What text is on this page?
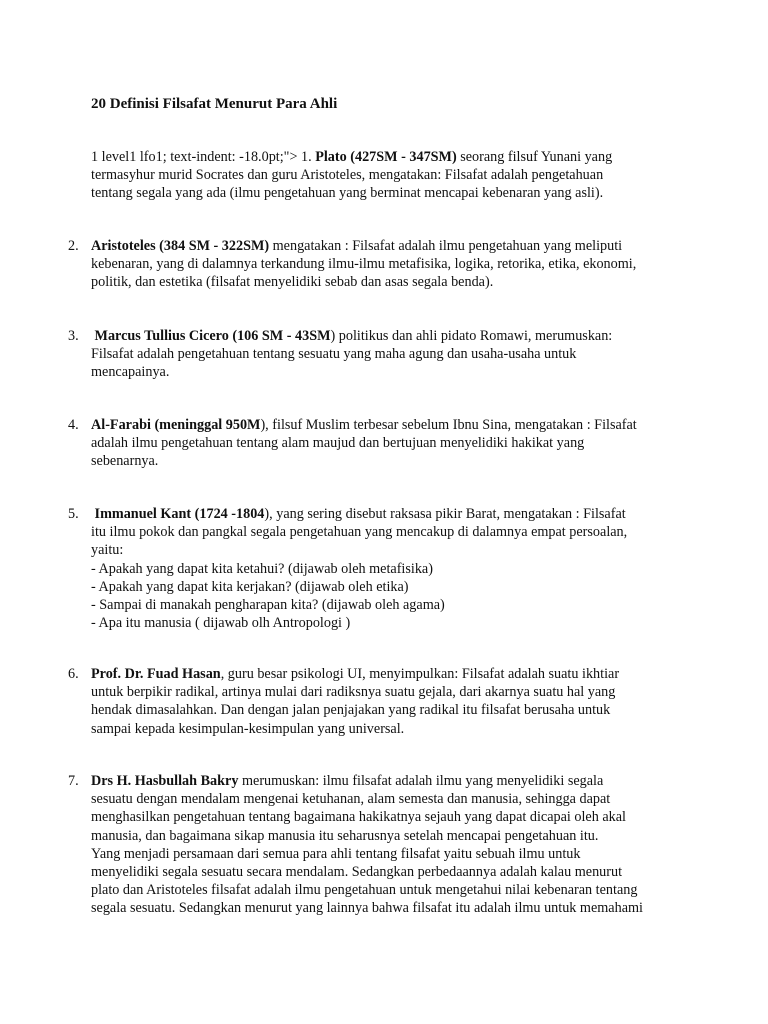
20 Definisi Filsafat Menurut Para Ahli
1 level1 lfo1; text-indent: -18.0pt;"> 1. Plato (427SM - 347SM) seorang filsuf Yunani yang
termasyhur murid Socrates dan guru Aristoteles, mengatakan: Filsafat adalah pengetahuan
tentang segala yang ada (ilmu pengetahuan yang berminat mencapai kebenaran yang asli).
2. Aristoteles (384 SM - 322SM) mengatakan : Filsafat adalah ilmu pengetahuan yang meliputi
kebenaran, yang di dalamnya terkandung ilmu-ilmu metafisika, logika, retorika, etika, ekonomi,
politik, dan estetika (filsafat menyelidiki sebab dan asas segala benda).
3. Marcus Tullius Cicero (106 SM - 43SM) politikus dan ahli pidato Romawi, merumuskan:
Filsafat adalah pengetahuan tentang sesuatu yang maha agung dan usaha-usaha untuk
mencapainya.
4. Al-Farabi (meninggal 950M), filsuf Muslim terbesar sebelum Ibnu Sina, mengatakan : Filsafat
adalah ilmu pengetahuan tentang alam maujud dan bertujuan menyelidiki hakikat yang
sebenarnya.
5. Immanuel Kant (1724 -1804), yang sering disebut raksasa pikir Barat, mengatakan : Filsafat
itu ilmu pokok dan pangkal segala pengetahuan yang mencakup di dalamnya empat persoalan,
yaitu:
- Apakah yang dapat kita ketahui? (dijawab oleh metafisika)
- Apakah yang dapat kita kerjakan? (dijawab oleh etika)
- Sampai di manakah pengharapan kita? (dijawab oleh agama)
- Apa itu manusia ( dijawab olh Antropologi )
6. Prof. Dr. Fuad Hasan, guru besar psikologi UI, menyimpulkan: Filsafat adalah suatu ikhtiar
untuk berpikir radikal, artinya mulai dari radiksnya suatu gejala, dari akarnya suatu hal yang
hendak dimasalahkan. Dan dengan jalan penjajakan yang radikal itu filsafat berusaha untuk
sampai kepada kesimpulan-kesimpulan yang universal.
7. Drs H. Hasbullah Bakry merumuskan: ilmu filsafat adalah ilmu yang menyelidiki segala
sesuatu dengan mendalam mengenai ketuhanan, alam semesta dan manusia, sehingga dapat
menghasilkan pengetahuan tentang bagaimana hakikatnya sejauh yang dapat dicapai oleh akal
manusia, dan bagaimana sikap manusia itu seharusnya setelah mencapai pengetahuan itu.
Yang menjadi persamaan dari semua para ahli tentang filsafat yaitu sebuah ilmu untuk
menyelidiki segala sesuatu secara mendalam. Sedangkan perbedaannya adalah kalau menurut
plato dan Aristoteles filsafat adalah ilmu pengetahuan untuk mengetahui nilai kebenaran tentang
segala sesuatu. Sedangkan menurut yang lainnya bahwa filsafat itu adalah ilmu untuk memahami
